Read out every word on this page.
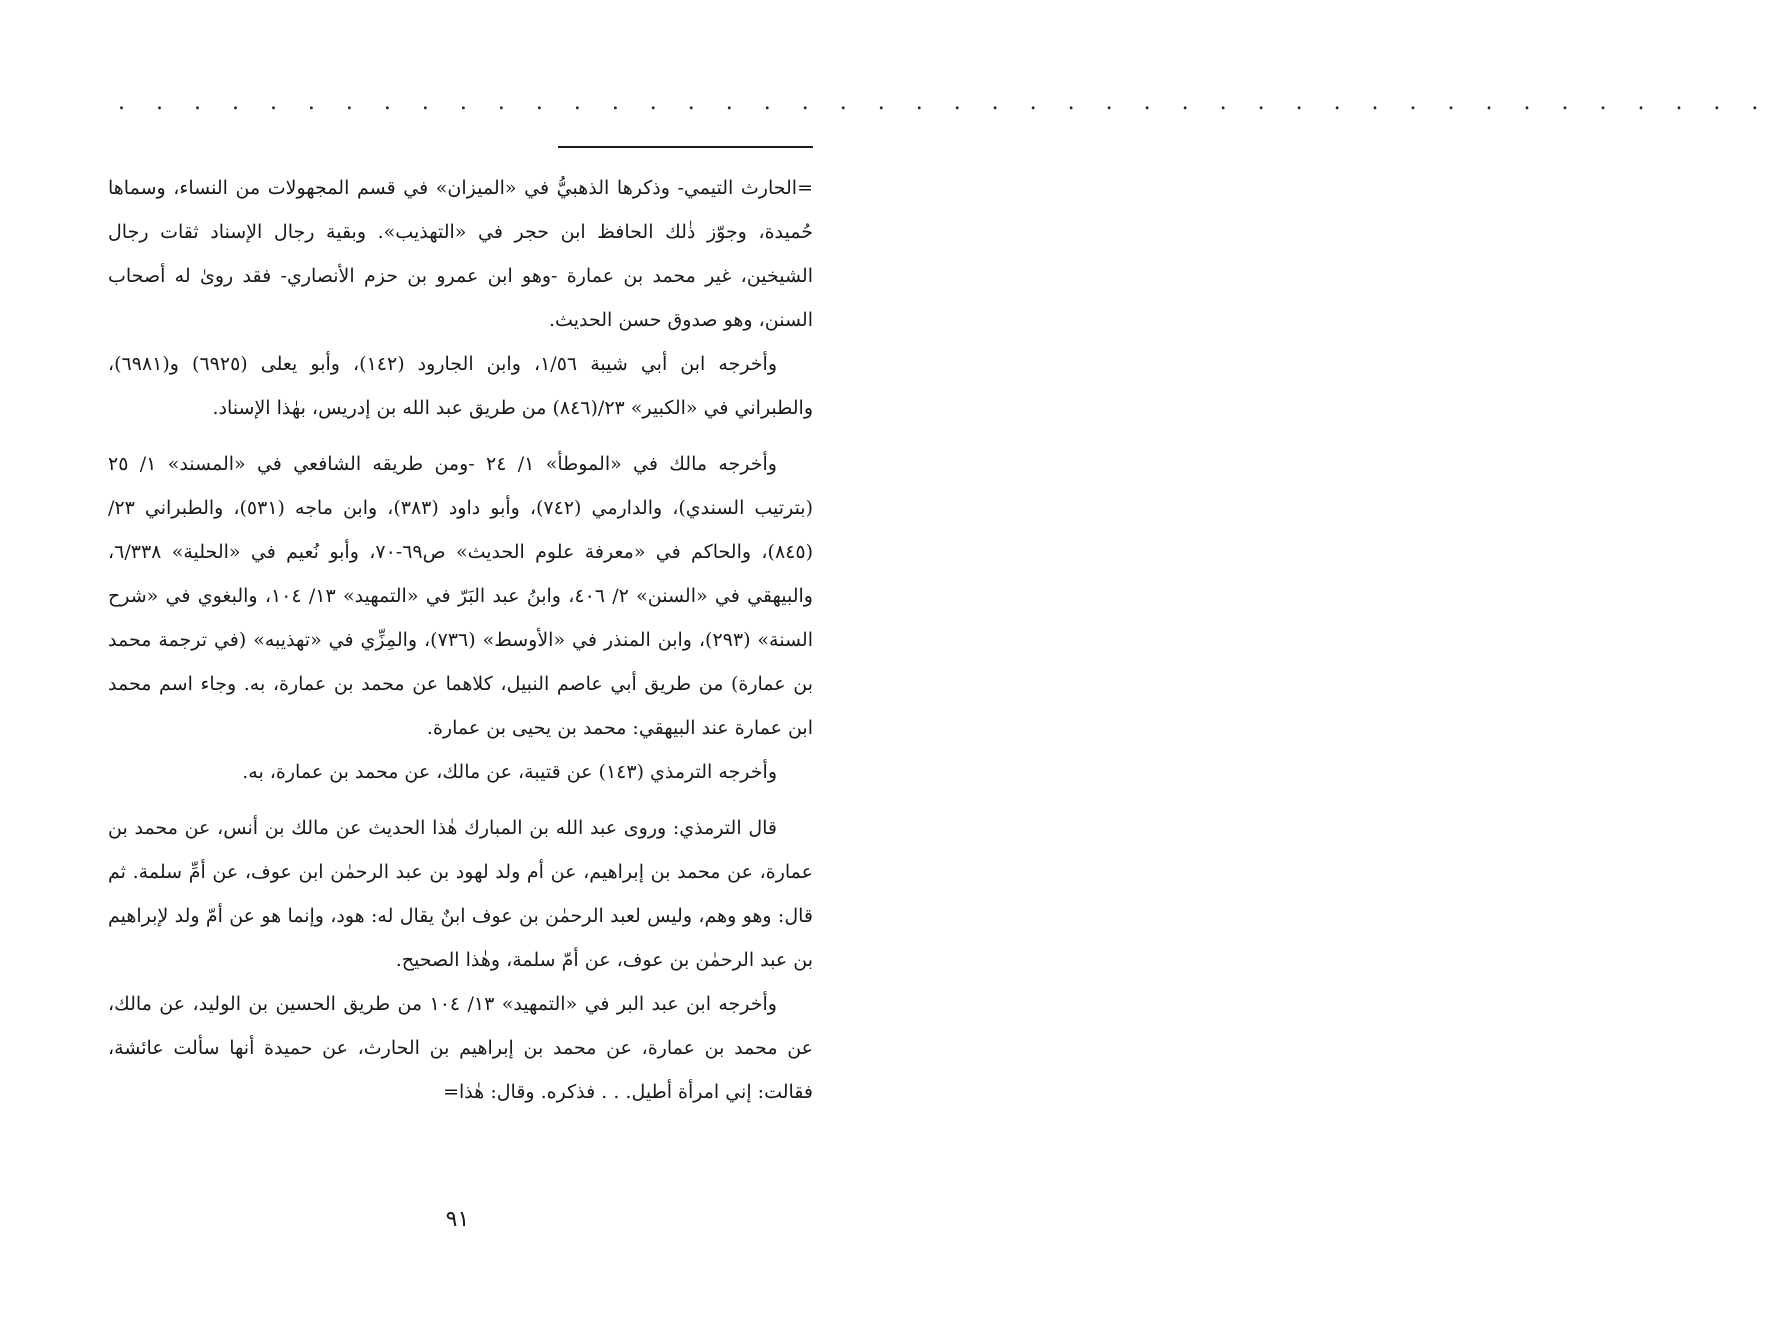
. . . . . . . . . . . . . . . . . . . . . . . . . . . . . . . . . . . . . . . . . . . .

=الحارث التيمي- وذكرها الذهبيُّ في «الميزان» في قسم المجهولات من النساء، وسماها حُميدة، وجوّز ذٰلك الحافظ ابن حجر في «التهذيب». وبقية رجال الإسناد ثقات رجال الشيخين، غير محمد بن عمارة -وهو ابن عمرو بن حزم الأنصاري- فقد روىٰ له أصحاب السنن، وهو صدوق حسن الحديث.

وأخرجه ابن أبي شيبة ١/٥٦، وابن الجارود (١٤٢)، وأبو يعلى (٦٩٢٥) و(٦٩٨١)، والطبراني في «الكبير» ٢٣/(٨٤٦) من طريق عبد الله بن إدريس، بهٰذا الإسناد.

وأخرجه مالك في «الموطأ» ١/ ٢٤ -ومن طريقه الشافعي في «المسند» ١/ ٢٥ (بترتيب السندي)، والدارمي (٧٤٢)، وأبو داود (٣٨٣)، وابن ماجه (٥٣١)، والطبراني ٢٣/ (٨٤٥)، والحاكم في «معرفة علوم الحديث» ص٦٩-٧٠، وأبو نُعيم في «الحلية» ٦/٣٣٨، والبيهقي في «السنن» ٢/ ٤٠٦، وابنُ عبد البَرّ في «التمهيد» ١٣/ ١٠٤، والبغوي في «شرح السنة» (٢٩٣)، وابن المنذر في «الأوسط» (٧٣٦)، والمِزِّي في «تهذيبه» (في ترجمة محمد بن عمارة) من طريق أبي عاصم النبيل، كلاهما عن محمد بن عمارة، به. وجاء اسم محمد ابن عمارة عند البيهقي: محمد بن يحيى بن عمارة.

وأخرجه الترمذي (١٤٣) عن قتيبة، عن مالك، عن محمد بن عمارة، به.

قال الترمذي: وروى عبد الله بن المبارك هٰذا الحديث عن مالك بن أنس، عن محمد بن عمارة، عن محمد بن إبراهيم، عن أم ولد لهود بن عبد الرحمٰن ابن عوف، عن أمِّ سلمة. ثم قال: وهو وهم، وليس لعبد الرحمٰن بن عوف ابنٌ يقال له: هود، وإنما هو عن أمّ ولد لإبراهيم بن عبد الرحمٰن بن عوف، عن أمّ سلمة، وهٰذا الصحيح.

وأخرجه ابن عبد البر في «التمهيد» ١٣/ ١٠٤ من طريق الحسين بن الوليد، عن مالك، عن محمد بن عمارة، عن محمد بن إبراهيم بن الحارث، عن حميدة أنها سألت عائشة، فقالت: إني امرأة أطيل. . . فذكره. وقال: هٰذا=

٩١
